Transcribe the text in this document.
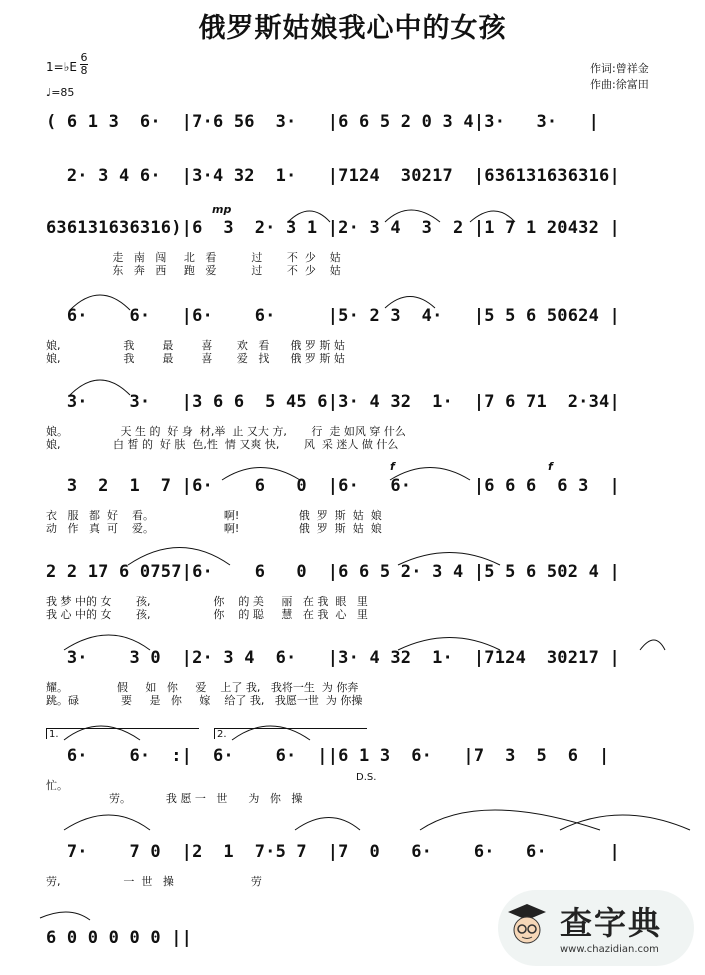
俄罗斯姑娘我心中的女孩
1=♭E
6
8
♩=85
作词:曾祥金
作曲:徐富田
( 6 1 3  6·  |7·6 56  3·   |6 6 5 2 0 3 4|3·   3·   |
2· 3 4 6·  |3·4 32  1·   |7124  30217  |636131636316|
636131636316)|6  3  2· 3 1 |2· 3 4  3  2 |1 7 1 20432 |
走   南   闯     北   看          过       不  少    姑
东   奔   西     跑   爱          过       不  少    姑
6·    6·   |6·    6·     |5· 2 3  4·   |5 5 6 50624 |
娘,                  我        最        喜       欢   看      俄 罗 斯 姑
娘,                  我        最        喜       爱   找      俄 罗 斯 姑
3·    3·   |3 6 6  5 45 6|3· 4 32  1·  |7 6 71  2·34|
娘。               天 生 的  好 身  材,举  止 又大 方,       行  走 如风 穿 什么
娘,               白 皙 的  好 肤  色,性  情 又爽 快,       风  采 迷人 做 什么
3  2  1  7 |6·    6   0  |6·   6·      |6 6 6  6 3  |
衣   服   都  好    看。                    啊!                 俄  罗  斯  姑  娘
动   作   真  可    爱。                    啊!                 俄  罗  斯  姑  娘
2 2 17 6 0757|6·    6   0  |6 6 5 2· 3 4 |5 5 6 502 4 |
我 梦 中的 女       孩,                  你    的 美     丽   在 我  眼   里
我 心 中的 女       孩,                  你    的 聪     慧   在 我  心   里
3·    3 0  |2· 3 4  6·   |3· 4 32  1·  |7124  30217 |
耀。              假     如   你     爱    上了 我,   我将一生  为 你奔
跳。碌            要     是   你     嫁    给了 我,   我愿一世  为 你操
6·    6·  :|  6·    6·  ||6 1 3  6·   |7  3  5  6  |
忙。
劳。          我 愿 一   世      为   你   操
7·    7 0  |2  1  7·5 7  |7  0   6·    6·   6·      |
劳,                  一  世   操                      劳
6 0 0 0 0 0 ||
mp
f	f
1.	2.
D.S.
查字典
www.chazidian.com
